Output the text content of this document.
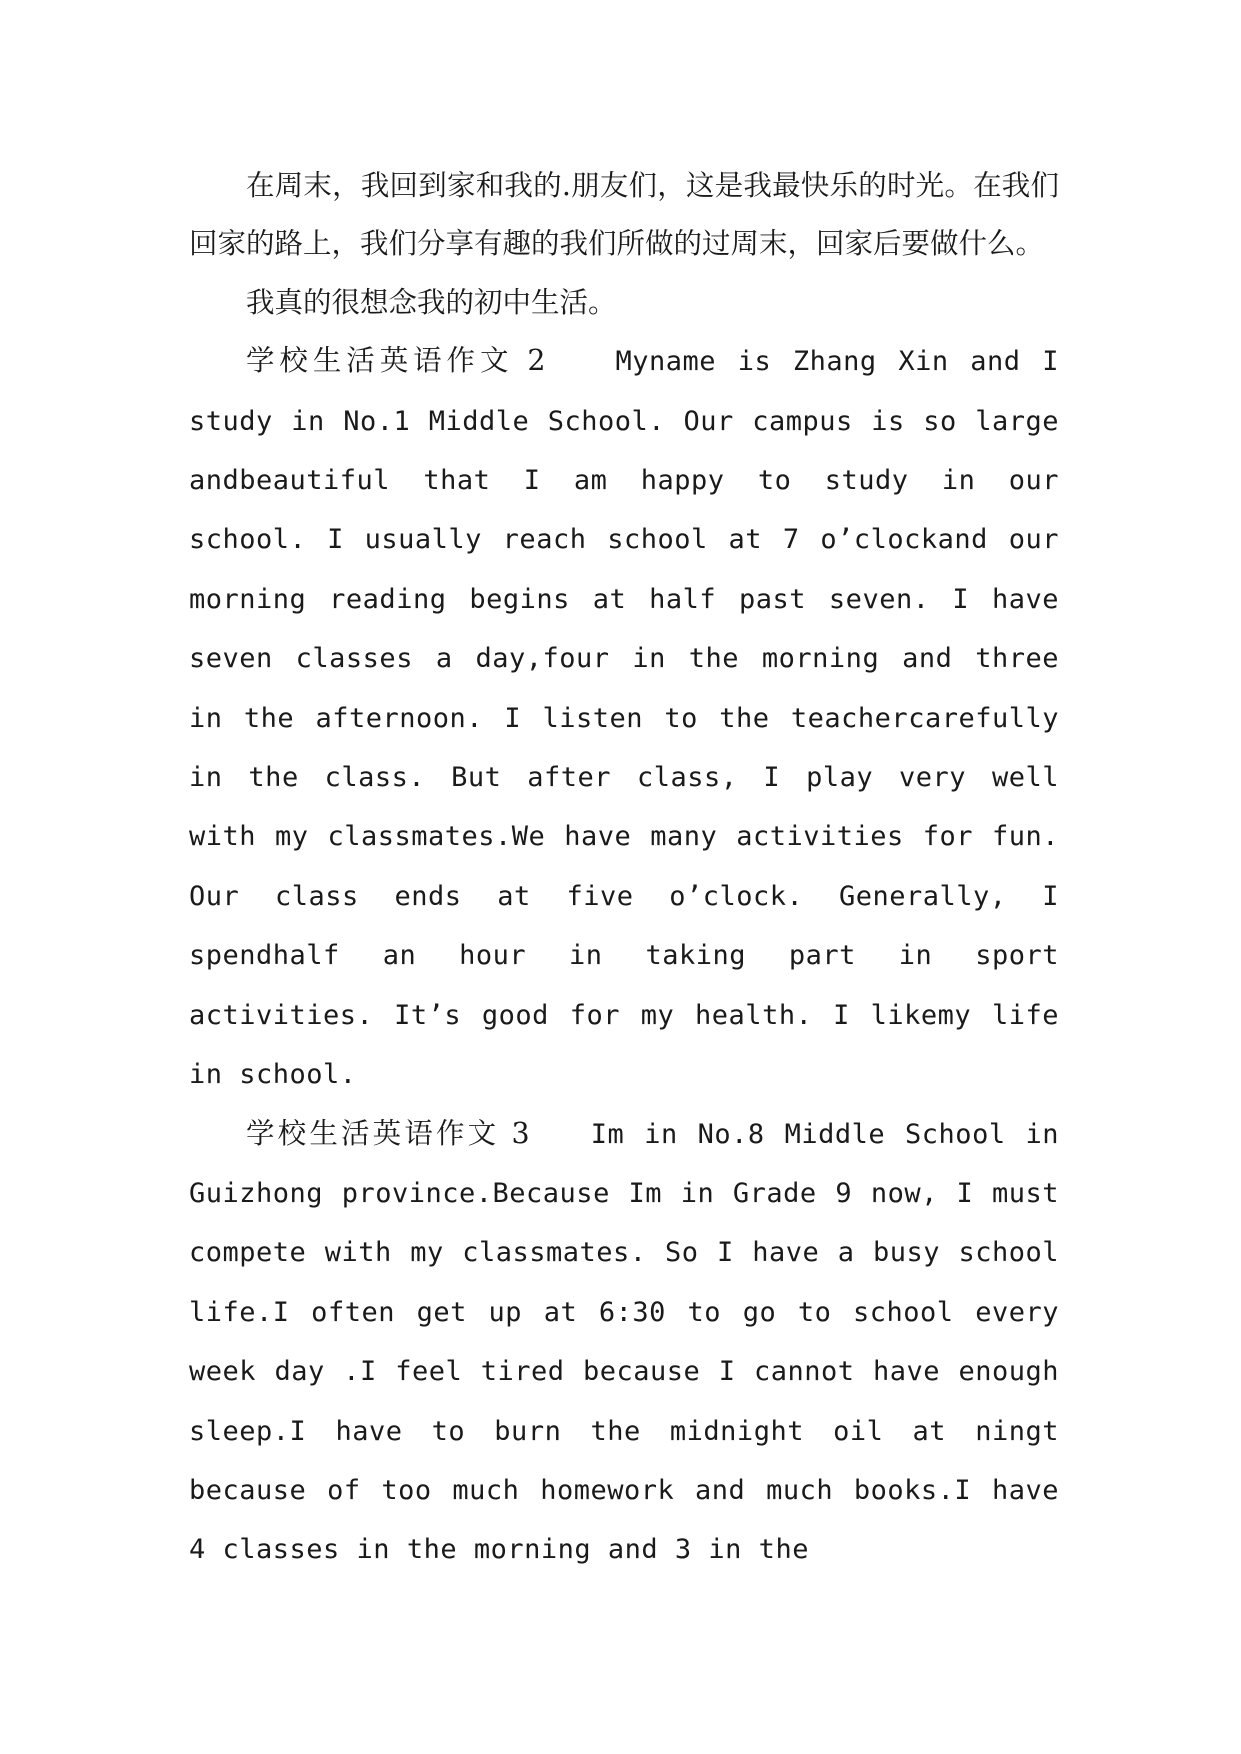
在周末，我回到家和我的.朋友们，这是我最快乐的时光。在我们回家的路上，我们分享有趣的我们所做的过周末，回家后要做什么。

我真的很想念我的初中生活。

学校生活英语作文 2	Myname is Zhang Xin and I study in No.1 Middle School. Our campus is so large andbeautiful that I am happy to study in our school. I usually reach school at 7 o’clockand our morning reading begins at half past seven. I have seven classes a day,four in the morning and three in the afternoon. I listen to the teachercarefully in the class. But after class, I play very well with my classmates.We have many activities for fun. Our class ends at five o’clock. Generally, I spendhalf an hour in taking part in sport activities. It’s good for my health. I likemy life in school.

学校生活英语作文 3 Im in No.8 Middle School in Guizhong province.Because Im in Grade 9 now, I must compete with my classmates. So I have a busy school life.I often get up at 6:30 to go to school every week day .I feel tired because I cannot have enough sleep.I have to burn the midnight oil at ningt because of too much homework and much books.I have 4 classes in the morning and 3 in the
